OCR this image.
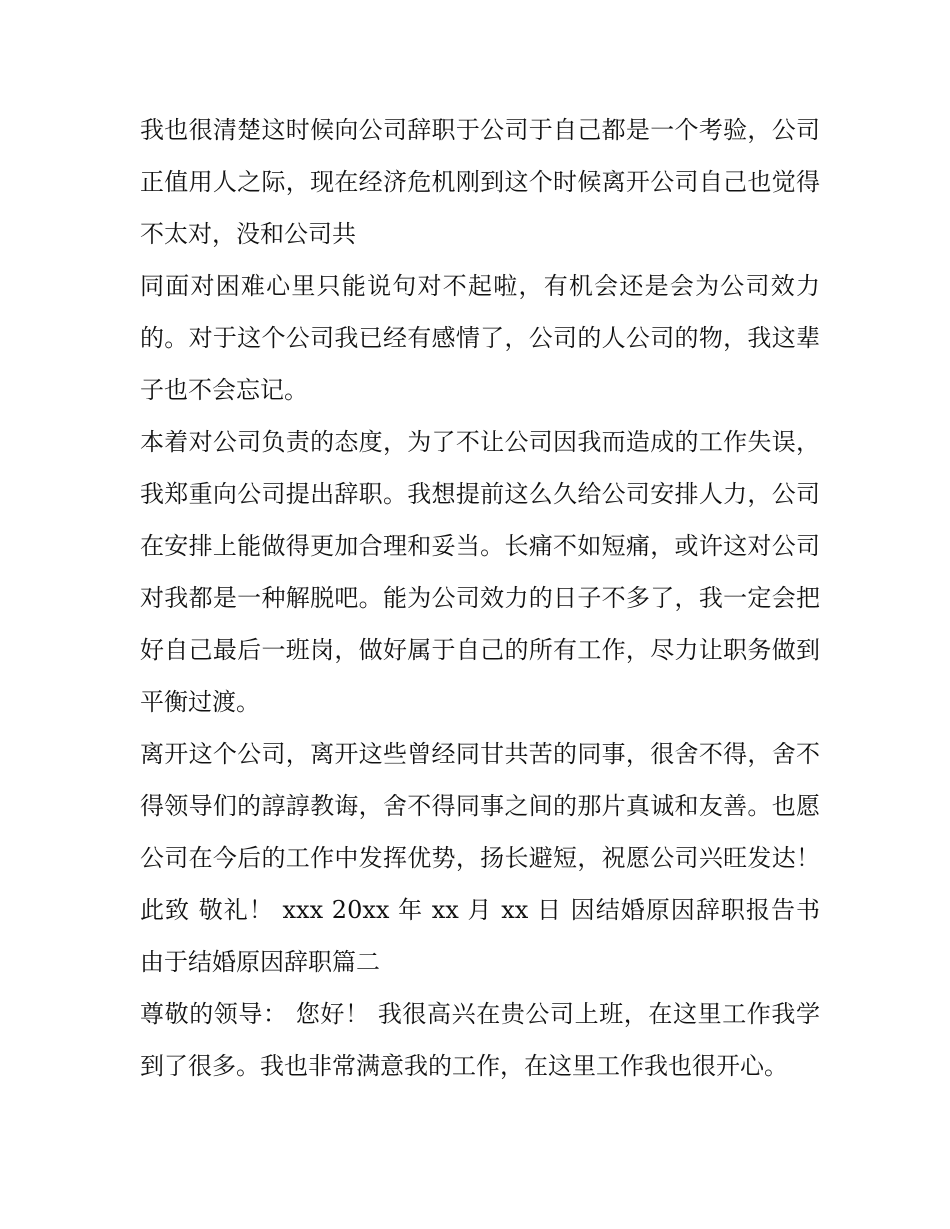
我也很清楚这时候向公司辞职于公司于自己都是一个考验，公司正值用人之际，现在经济危机刚到这个时候离开公司自己也觉得不太对，没和公司共

同面对困难心里只能说句对不起啦，有机会还是会为公司效力的。对于这个公司我已经有感情了，公司的人公司的物，我这辈子也不会忘记。

本着对公司负责的态度，为了不让公司因我而造成的工作失误，我郑重向公司提出辞职。我想提前这么久给公司安排人力，公司在安排上能做得更加合理和妥当。长痛不如短痛，或许这对公司对我都是一种解脱吧。能为公司效力的日子不多了，我一定会把好自己最后一班岗，做好属于自己的所有工作，尽力让职务做到平衡过渡。

离开这个公司，离开这些曾经同甘共苦的同事，很舍不得，舍不得领导们的諄諄教诲，舍不得同事之间的那片真诚和友善。也愿公司在今后的工作中发挥优势，扬长避短，祝愿公司兴旺发达！ 此致 敬礼！ xxx 20xx 年 xx 月 xx 日 因结婚原因辞职报告书 由于结婚原因辞职篇二

尊敬的领导： 您好！ 我很高兴在贵公司上班，在这里工作我学到了很多。我也非常满意我的工作，在这里工作我也很开心。
